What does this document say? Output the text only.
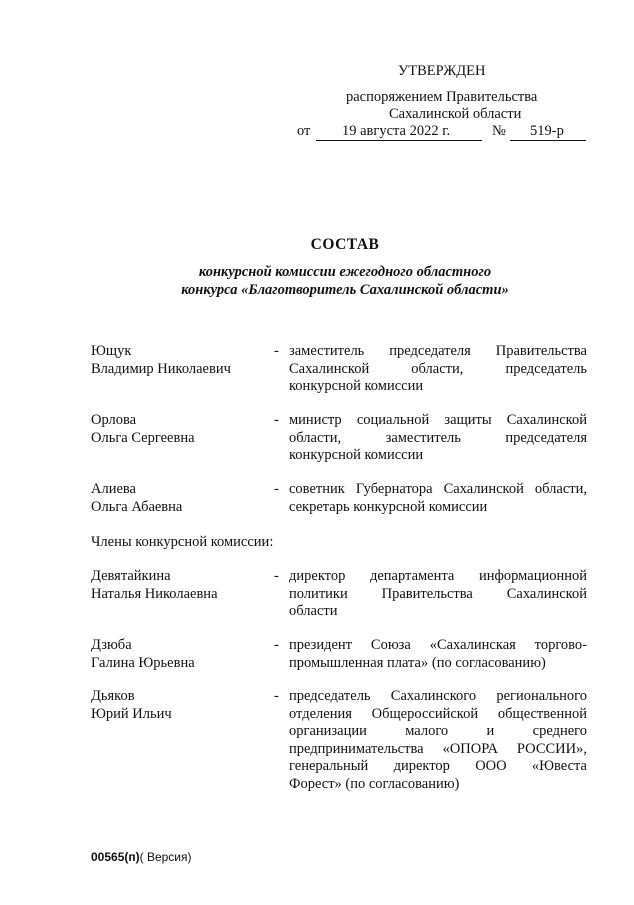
УТВЕРЖДЕН
распоряжением Правительства
Сахалинской области
от 19 августа 2022 г.	№ 519-р
СОСТАВ
конкурсной комиссии ежегодного областного
конкурса «Благотворитель Сахалинской области»
Ющук
Владимир Николаевич
- заместитель председателя Правительства
Сахалинской области, председатель
конкурсной комиссии
Орлова
Ольга Сергеевна
- министр социальной защиты Сахалинской
области, заместитель председателя
конкурсной комиссии
Алиева
Ольга Абаевна
- советник Губернатора Сахалинской области,
секретарь конкурсной комиссии
Члены конкурсной комиссии:
Девятайкина
Наталья Николаевна
- директор департамента информационной
политики Правительства Сахалинской
области
Дзюба
Галина Юрьевна
- президент Союза «Сахалинская торгово-
промышленная плата» (по согласованию)
Дьяков
Юрий Ильич
- председатель Сахалинского регионального
отделения Общероссийской общественной
организации малого и среднего
предпринимательства «ОПОРА РОССИИ»,
генеральный директор ООО «Ювеста
Форест» (по согласованию)
00565(п)( Версия)
